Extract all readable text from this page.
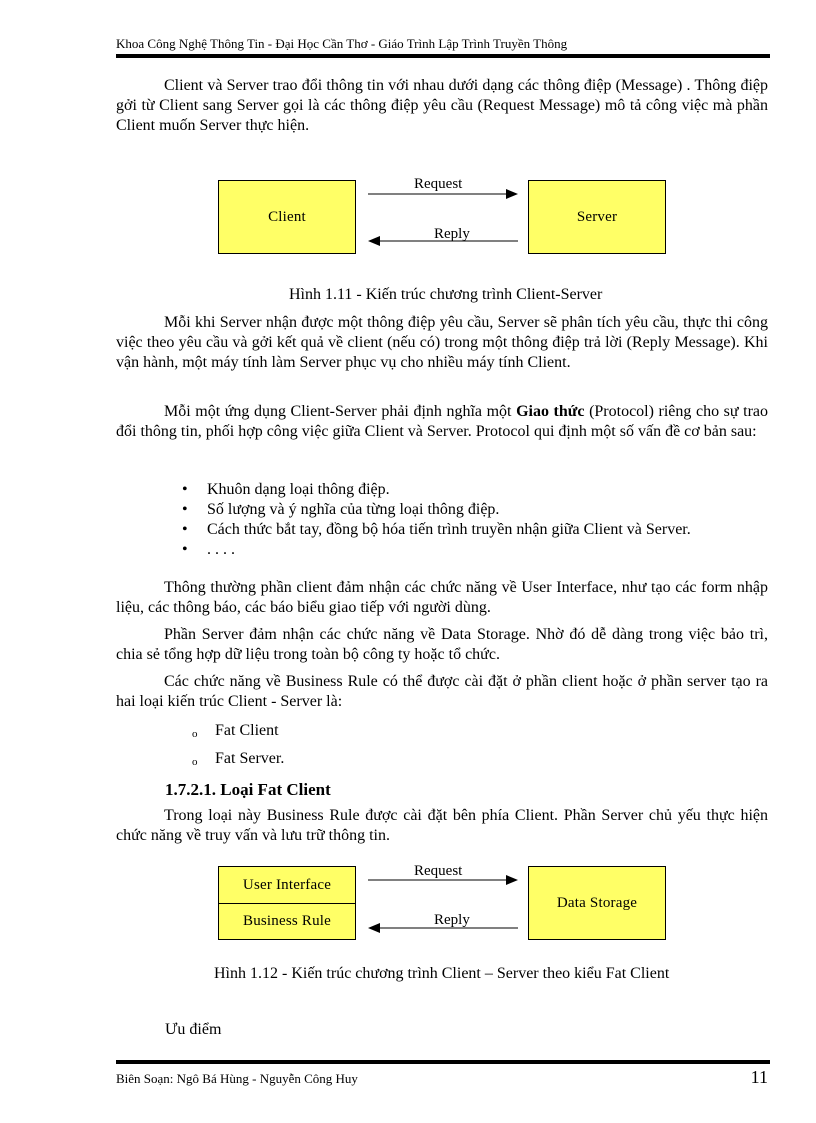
Khoa Công Nghệ Thông Tin - Đại Học Cần Thơ - Giáo Trình Lập Trình Truyền Thông

Client và Server trao đổi thông tin với nhau dưới dạng các thông điệp (Message) . Thông điệp gởi từ Client sang Server gọi là các thông điệp yêu cầu (Request Message) mô tả công việc mà phần Client muốn Server thực hiện.

Client	Server
Request
Reply
Hình 1.11 - Kiến trúc chương trình Client-Server

Mỗi khi Server nhận được một thông điệp yêu cầu, Server sẽ phân tích yêu cầu, thực thi công việc theo yêu cầu và gởi kết quả về client (nếu có) trong một thông điệp trả lời (Reply Message). Khi vận hành, một máy tính làm Server phục vụ cho nhiều máy tính Client.

Mỗi một ứng dụng Client-Server phải định nghĩa một Giao thức (Protocol) riêng cho sự trao đổi thông tin, phối hợp công việc giữa Client và Server. Protocol qui định một số vấn đề cơ bản sau:

• Khuôn dạng loại thông điệp.
• Số lượng và ý nghĩa của từng loại thông điệp.
• Cách thức bắt tay, đồng bộ hóa tiến trình truyền nhận giữa Client và Server.
• . . . .

Thông thường phần client đảm nhận các chức năng về User Interface, như tạo các form nhập liệu, các thông báo, các báo biểu giao tiếp với người dùng.

Phần Server đảm nhận các chức năng về Data Storage. Nhờ đó dễ dàng trong việc bảo trì, chia sẻ tổng hợp dữ liệu trong toàn bộ công ty hoặc tổ chức.

Các chức năng về Business Rule có thể được cài đặt ở phần client hoặc ở phần server tạo ra hai loại kiến trúc Client - Server là:

o Fat Client
o Fat Server.
1.7.2.1. Loại Fat Client

Trong loại này Business Rule được cài đặt bên phía Client. Phần Server chủ yếu thực hiện chức năng về truy vấn và lưu trữ thông tin.

User Interface
Business Rule
Data Storage
Request
Reply
Hình 1.12 - Kiến trúc chương trình Client – Server theo kiểu Fat Client

Ưu điểm

Biên Soạn: Ngô Bá Hùng - Nguyễn Công Huy	11
